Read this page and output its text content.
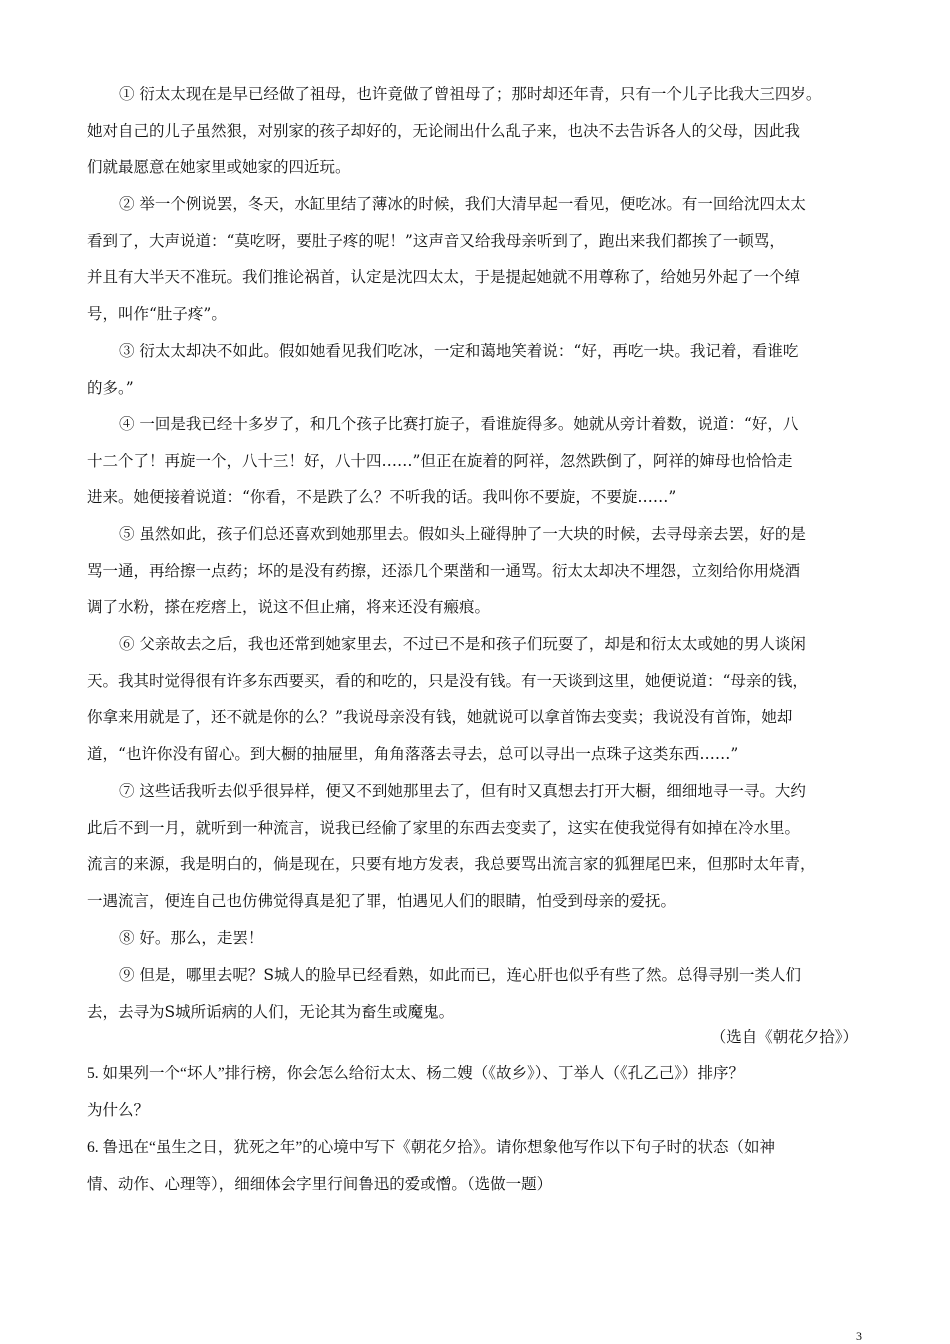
① 衍太太现在是早已经做了祖母，也许竟做了曾祖母了；那时却还年青，只有一个儿子比我大三四岁。
她对自己的儿子虽然狠，对别家的孩子却好的，无论闹出什么乱子来，也决不去告诉各人的父母，因此我
们就最愿意在她家里或她家的四近玩。
② 举一个例说罢，冬天，水缸里结了薄冰的时候，我们大清早起一看见，便吃冰。有一回给沈四太太
看到了，大声说道：“莫吃呀，要肚子疼的呢！”这声音又给我母亲听到了，跑出来我们都挨了一顿骂，
并且有大半天不准玩。我们推论祸首，认定是沈四太太，于是提起她就不用尊称了，给她另外起了一个绰
号，叫作“肚子疼”。
③ 衍太太却决不如此。假如她看见我们吃冰，一定和蔼地笑着说：“好，再吃一块。我记着，看谁吃
的多。”
④ 一回是我已经十多岁了，和几个孩子比赛打旋子，看谁旋得多。她就从旁计着数，说道：“好，八
十二个了！再旋一个，八十三！好，八十四……”但正在旋着的阿祥，忽然跌倒了，阿祥的婶母也恰恰走
进来。她便接着说道：“你看，不是跌了么？不听我的话。我叫你不要旋，不要旋……”
⑤ 虽然如此，孩子们总还喜欢到她那里去。假如头上碰得肿了一大块的时候，去寻母亲去罢，好的是
骂一通，再给擦一点药；坏的是没有药擦，还添几个栗凿和一通骂。衍太太却决不埋怨，立刻给你用烧酒
调了水粉，搽在疙瘩上，说这不但止痛，将来还没有瘢痕。
⑥ 父亲故去之后，我也还常到她家里去，不过已不是和孩子们玩耍了，却是和衍太太或她的男人谈闲
天。我其时觉得很有许多东西要买，看的和吃的，只是没有钱。有一天谈到这里，她便说道：“母亲的钱，
你拿来用就是了，还不就是你的么？”我说母亲没有钱，她就说可以拿首饰去变卖；我说没有首饰，她却
道，“也许你没有留心。到大橱的抽屉里，角角落落去寻去，总可以寻出一点珠子这类东西……”
⑦ 这些话我听去似乎很异样，便又不到她那里去了，但有时又真想去打开大橱，细细地寻一寻。大约
此后不到一月，就听到一种流言，说我已经偷了家里的东西去变卖了，这实在使我觉得有如掉在冷水里。
流言的来源，我是明白的，倘是现在，只要有地方发表，我总要骂出流言家的狐狸尾巴来，但那时太年青，
一遇流言，便连自己也仿佛觉得真是犯了罪，怕遇见人们的眼睛，怕受到母亲的爱抚。
⑧ 好。那么，走罢！
⑨ 但是，哪里去呢？S城人的脸早已经看熟，如此而已，连心肝也似乎有些了然。总得寻别一类人们
去，去寻为S城所诟病的人们，无论其为畜生或魔鬼。
（选自《朝花夕拾》）
5. 如果列一个“坏人”排行榜，你会怎么给衍太太、杨二嫂（《故乡》）、丁举人（《孔乙己》）排序？
为什么？
6. 鲁迅在“虽生之日，犹死之年”的心境中写下《朝花夕拾》。请你想象他写作以下句子时的状态（如神
情、动作、心理等），细细体会字里行间鲁迅的爱或憎。（选做一题）
3
